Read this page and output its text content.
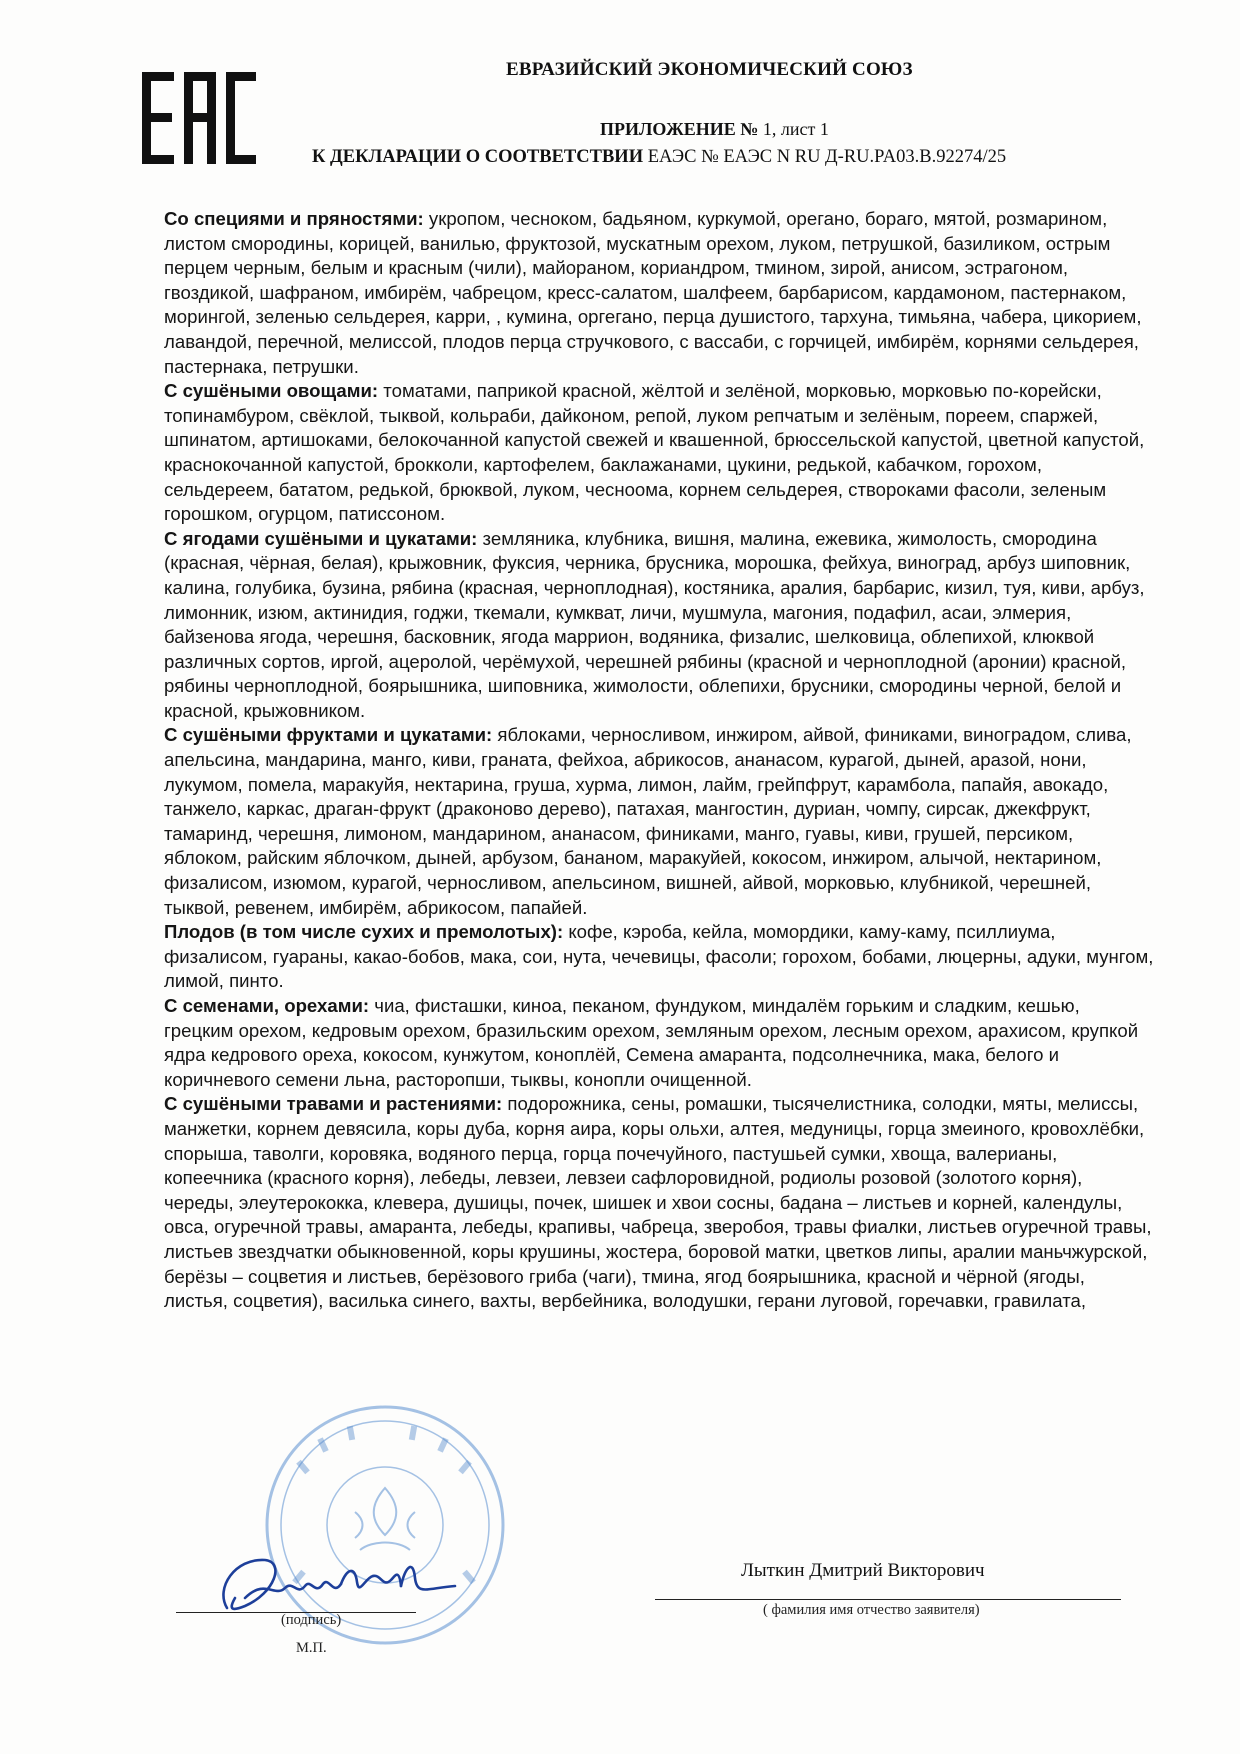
ЕВРАЗИЙСКИЙ ЭКОНОМИЧЕСКИЙ СОЮЗ
ПРИЛОЖЕНИЕ № 1, лист 1
К ДЕКЛАРАЦИИ О СООТВЕТСТВИИ ЕАЭС № ЕАЭС N RU Д-RU.PA03.B.92274/25

Со специями и пряностями: укропом, чесноком, бадьяном, куркумой, орегано, бораго, мятой, розмарином, листом смородины, корицей, ванилью, фруктозой, мускатным орехом, луком, петрушкой, базиликом, острым перцем черным, белым и красным (чили), майораном, кориандром, тмином, зирой, анисом, эстрагоном, гвоздикой, шафраном, имбирём, чабрецом, кресс-салатом, шалфеем, барбарисом, кардамоном, пастернаком, морингой, зеленью сельдерея, карри, , кумина, оргегано, перца душистого, тархуна, тимьяна, чабера, цикорием, лавандой, перечной, мелиссой, плодов перца стручкового, с вассаби, с горчицей, имбирём, корнями сельдерея, пастернака, петрушки.

С сушёными овощами: томатами, паприкой красной, жёлтой и зелёной, морковью, морковью по-корейски, топинамбуром, свёклой, тыквой, кольраби, дайконом, репой, луком репчатым и зелёным, пореем, спаржей, шпинатом, артишоками, белокочанной капустой свежей и квашенной, брюссельской капустой, цветной капустой, краснокочанной капустой, брокколи, картофелем, баклажанами, цукини, редькой, кабачком, горохом, сельдереем, бататом, редькой, брюквой, луком, чесноома, корнем сельдерея, створоками фасоли, зеленым горошком, огурцом, патиссоном.

С ягодами сушёными и цукатами: земляника, клубника, вишня, малина, ежевика, жимолость, смородина (красная, чёрная, белая), крыжовник, фуксия, черника, брусника, морошка, фейхуа, виноград, арбуз шиповник, калина, голубика, бузина, рябина (красная, черноплодная), костяника, аралия, барбарис, кизил, туя, киви, арбуз, лимонник, изюм, актинидия, годжи, ткемали, кумкват, личи, мушмула, магония, подафил, асаи, элмерия, байзенова ягода, черешня, басковник, ягода маррион, водяника, физалис, шелковица, облепихой, клюквой различных сортов, иргой, ацеролой, черёмухой, черешней рябины (красной и черноплодной (аронии) красной, рябины черноплодной, боярышника, шиповника, жимолости, облепихи, брусники, смородины черной, белой и красной, крыжовником.

С сушёными фруктами и цукатами: яблоками, черносливом, инжиром, айвой, финиками, виноградом, слива, апельсина, мандарина, манго, киви, граната, фейхоа, абрикосов, ананасом, курагой, дыней, аразой, нони, лукумом, помела, маракуйя, нектарина, груша, хурма, лимон, лайм, грейпфрут, карамбола, папайя, авокадо, танжело, каркас, драган-фрукт (драконово дерево), патахая, мангостин, дуриан, чомпу, сирсак, джекфрукт, тамаринд, черешня, лимоном, мандарином, ананасом, финиками, манго, гуавы, киви, грушей, персиком, яблоком, райским яблочком, дыней, арбузом, бананом, маракуйей, кокосом, инжиром, алычой, нектарином, физалисом, изюмом, курагой, черносливом, апельсином, вишней, айвой, морковью, клубникой, черешней, тыквой, ревенем, имбирём, абрикосом, папайей.

Плодов (в том числе сухих и премолотых): кофе, кэроба, кейла, момордики, каму-каму, псиллиума, физалисом, гуараны, какао-бобов, мака, сои, нута, чечевицы, фасоли; горохом, бобами, люцерны, адуки, мунгом, лимой, пинто.

С семенами, орехами: чиа, фисташки, киноа, пеканом, фундуком, миндалём горьким и сладким, кешью, грецким орехом, кедровым орехом, бразильским орехом, земляным орехом, лесным орехом, арахисом, крупкой ядра кедрового ореха, кокосом, кунжутом, коноплёй, Семена амаранта, подсолнечника, мака, белого и коричневого семени льна, расторопши, тыквы, конопли очищенной.

С сушёными травами и растениями: подорожника, сены, ромашки, тысячелистника, солодки, мяты, мелиссы, манжетки, корнем девясила, коры дуба, корня аира, коры ольхи, алтея, медуницы, горца змеиного, кровохлёбки, спорыша, таволги, коровяка, водяного перца, горца почечуйного, пастушьей сумки, хвоща, валерианы, копеечника (красного корня), лебеды, левзеи, левзеи сафлоровидной, родиолы розовой (золотого корня), череды, элеутерококка, клевера, душицы, почек, шишек и хвои сосны, бадана – листьев и корней, календулы, овса, огуречной травы, амаранта, лебеды, крапивы, чабреца, зверобоя, травы фиалки, листьев огуречной травы, листьев звездчатки обыкновенной, коры крушины, жостера, боровой матки, цветков липы, аралии маньчжурской, берёзы – соцветия и листьев, берёзового гриба (чаги), тмина, ягод боярышника, красной и чёрной (ягоды, листья, соцветия), василька синего, вахты, вербейника, володушки, герани луговой, горечавки, гравилата,

(подпись)
М.П.
Лыткин Дмитрий Викторович
( фамилия имя отчество заявителя)
